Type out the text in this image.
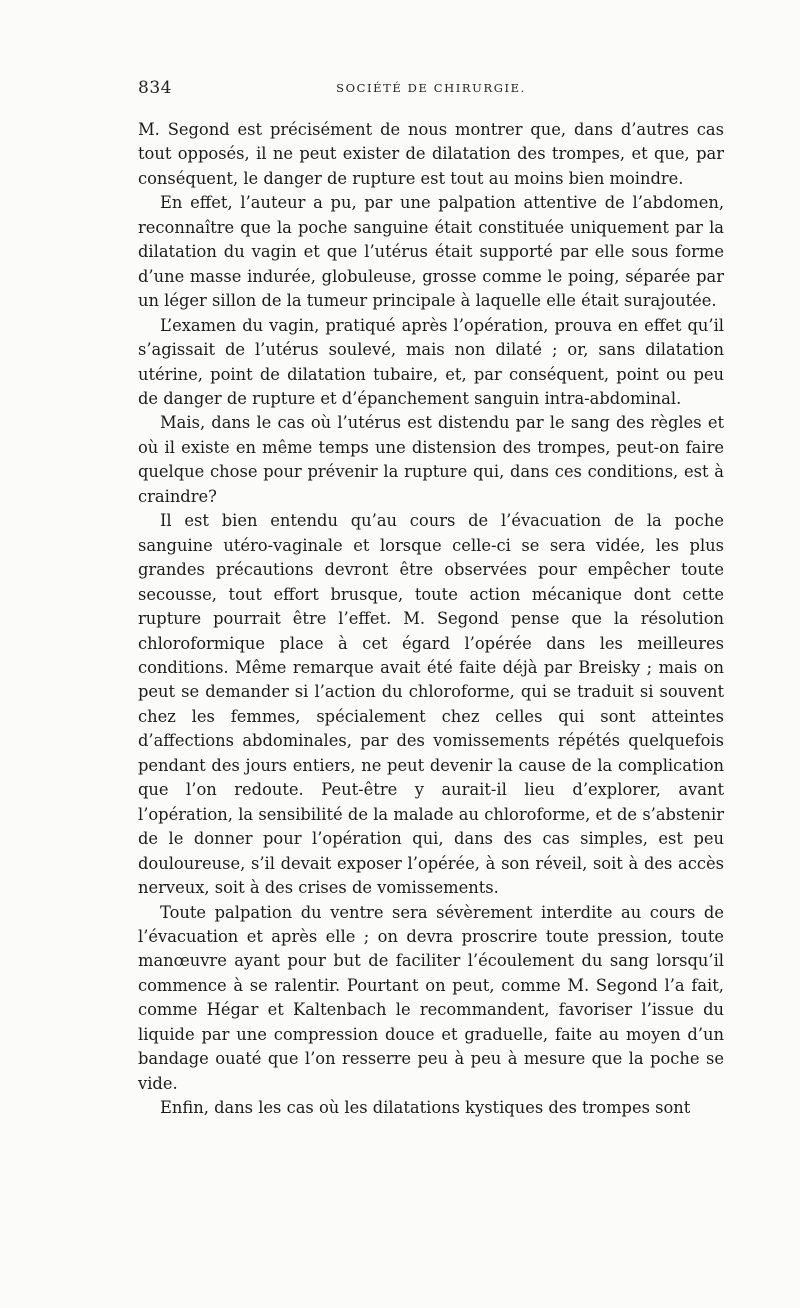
834	SOCIÉTÉ DE CHIRURGIE.

M. Segond est précisément de nous montrer que, dans d’autres cas tout opposés, il ne peut exister de dilatation des trompes, et que, par conséquent, le danger de rupture est tout au moins bien moindre.

En effet, l’auteur a pu, par une palpation attentive de l’abdomen, reconnaître que la poche sanguine était constituée uniquement par la dilatation du vagin et que l’utérus était supporté par elle sous forme d’une masse indurée, globuleuse, grosse comme le poing, séparée par un léger sillon de la tumeur principale à laquelle elle était surajoutée.

L’examen du vagin, pratiqué après l’opération, prouva en effet qu’il s’agissait de l’utérus soulevé, mais non dilaté ; or, sans dilatation utérine, point de dilatation tubaire, et, par conséquent, point ou peu de danger de rupture et d’épanchement sanguin intra-abdominal.

Mais, dans le cas où l’utérus est distendu par le sang des règles et où il existe en même temps une distension des trompes, peut-on faire quelque chose pour prévenir la rupture qui, dans ces conditions, est à craindre?

Il est bien entendu qu’au cours de l’évacuation de la poche sanguine utéro-vaginale et lorsque celle-ci se sera vidée, les plus grandes précautions devront être observées pour empêcher toute secousse, tout effort brusque, toute action mécanique dont cette rupture pourrait être l’effet. M. Segond pense que la résolution chloroformique place à cet égard l’opérée dans les meilleures conditions. Même remarque avait été faite déjà par Breisky ; mais on peut se demander si l’action du chloroforme, qui se traduit si souvent chez les femmes, spécialement chez celles qui sont atteintes d’affections abdominales, par des vomissements répétés quelquefois pendant des jours entiers, ne peut devenir la cause de la complication que l’on redoute. Peut-être y aurait-il lieu d’explorer, avant l’opération, la sensibilité de la malade au chloroforme, et de s’abstenir de le donner pour l’opération qui, dans des cas simples, est peu douloureuse, s’il devait exposer l’opérée, à son réveil, soit à des accès nerveux, soit à des crises de vomissements.

Toute palpation du ventre sera sévèrement interdite au cours de l’évacuation et après elle ; on devra proscrire toute pression, toute manœuvre ayant pour but de faciliter l’écoulement du sang lorsqu’il commence à se ralentir. Pourtant on peut, comme M. Segond l’a fait, comme Hégar et Kaltenbach le recommandent, favoriser l’issue du liquide par une compression douce et graduelle, faite au moyen d’un bandage ouaté que l’on resserre peu à peu à mesure que la poche se vide.

Enfin, dans les cas où les dilatations kystiques des trompes sont
